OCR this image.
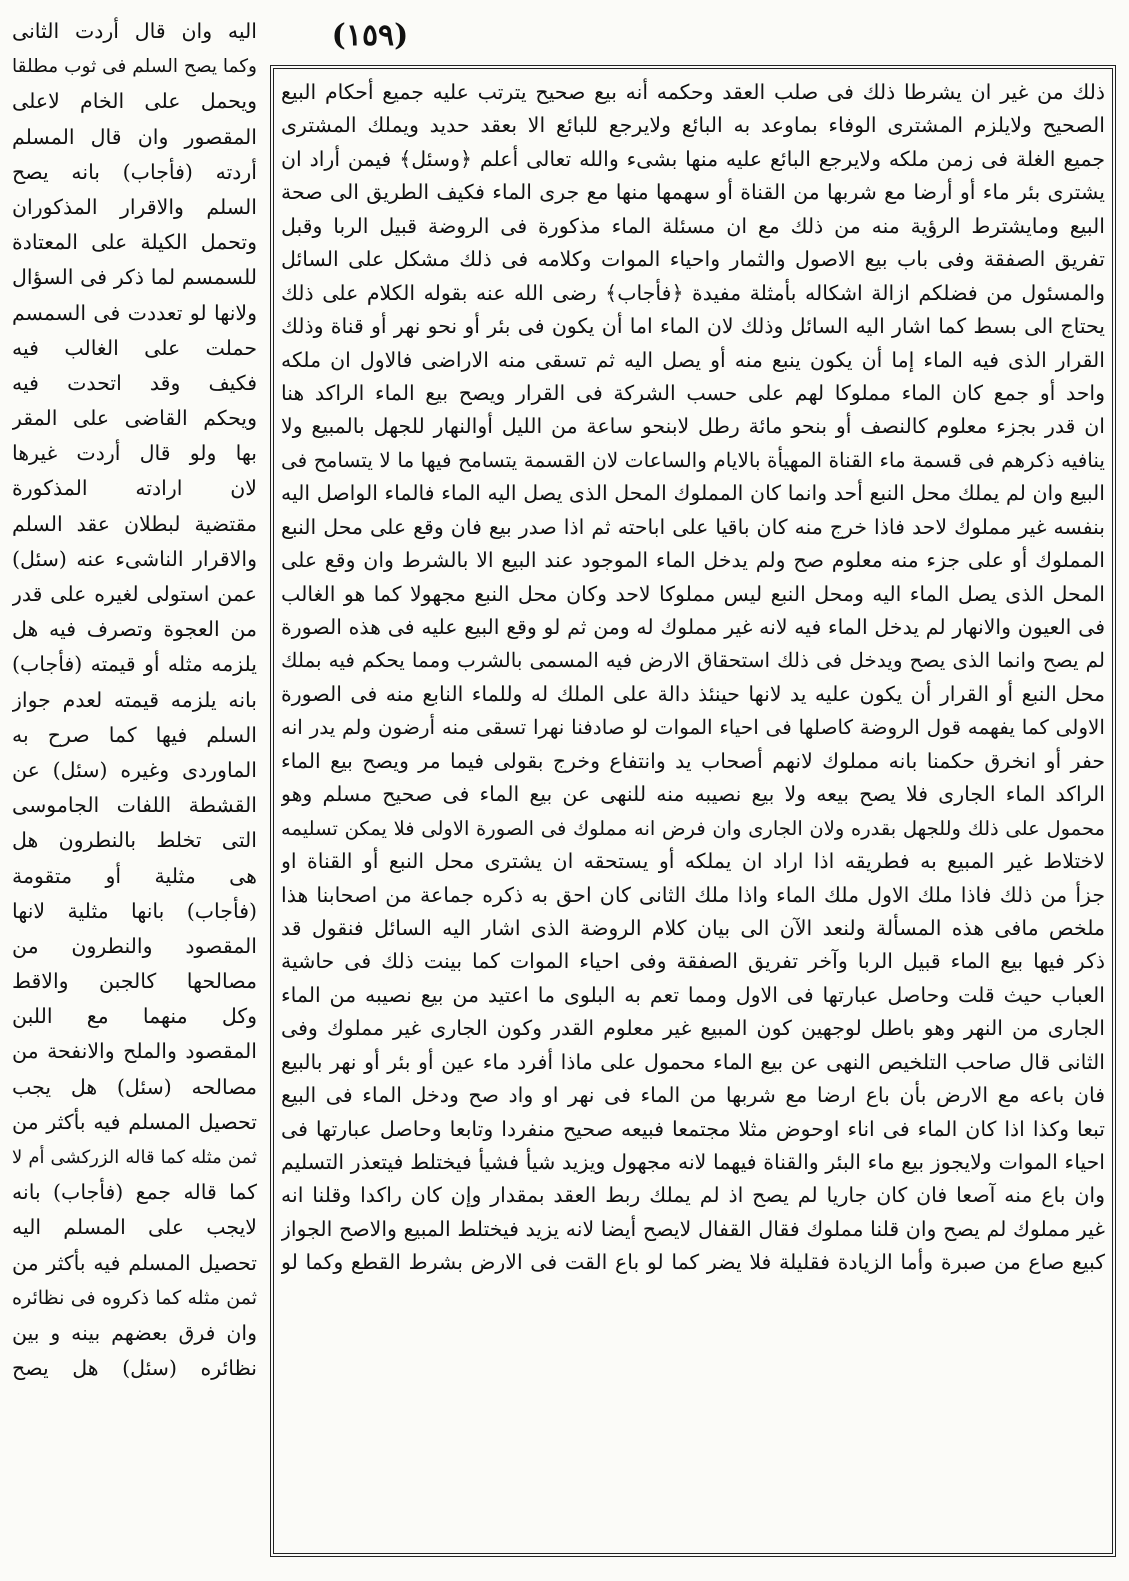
(١٥٩)
ذلك من غير ان يشرطا ذلك فى صلب العقد وحكمه أنه بيع صحيح يترتب عليه جميع أحكام البيع
الصحيح ولايلزم المشترى الوفاء بماوعد به البائع ولايرجع للبائع الا بعقد حديد ويملك المشترى
جميع الغلة فى زمن ملكه ولايرجع البائع عليه منها بشىء والله تعالى أعلم ﴿وسئل﴾ فيمن أراد ان
يشترى بئر ماء أو أرضا مع شربها من القناة أو سهمها منها مع جرى الماء فكيف الطريق الى صحة
البيع ومايشترط الرؤية منه من ذلك مع ان مسئلة الماء مذكورة فى الروضة قبيل الربا وقبل
تفريق الصفقة وفى باب بيع الاصول والثمار واحياء الموات وكلامه فى ذلك مشكل على السائل
والمسئول من فضلكم ازالة اشكاله بأمثلة مفيدة ﴿فأجاب﴾ رضى الله عنه بقوله الكلام على ذلك
يحتاج الى بسط كما اشار اليه السائل وذلك لان الماء اما أن يكون فى بئر أو نحو نهر أو قناة وذلك
القرار الذى فيه الماء إما أن يكون ينبع منه أو يصل اليه ثم تسقى منه الاراضى فالاول ان ملكه
واحد أو جمع كان الماء مملوكا لهم على حسب الشركة فى القرار ويصح بيع الماء الراكد هنا
ان قدر بجزء معلوم كالنصف أو بنحو مائة رطل لابنحو ساعة من الليل أوالنهار للجهل بالمبيع ولا
ينافيه ذكرهم فى قسمة ماء القناة المهيأة بالايام والساعات لان القسمة يتسامح فيها ما لا يتسامح فى
البيع وان لم يملك محل النبع أحد وانما كان المملوك المحل الذى يصل اليه الماء فالماء الواصل اليه
بنفسه غير مملوك لاحد فاذا خرج منه كان باقيا على اباحته ثم اذا صدر بيع فان وقع على محل النبع
المملوك أو على جزء منه معلوم صح ولم يدخل الماء الموجود عند البيع الا بالشرط وان وقع على
المحل الذى يصل الماء اليه ومحل النبع ليس مملوكا لاحد وكان محل النبع مجهولا كما هو الغالب
فى العيون والانهار لم يدخل الماء فيه لانه غير مملوك له ومن ثم لو وقع البيع عليه فى هذه الصورة
لم يصح وانما الذى يصح ويدخل فى ذلك استحقاق الارض فيه المسمى بالشرب ومما يحكم فيه بملك
محل النبع أو القرار أن يكون عليه يد لانها حينئذ دالة على الملك له وللماء النابع منه فى الصورة
الاولى كما يفهمه قول الروضة كاصلها فى احياء الموات لو صادفنا نهرا تسقى منه أرضون ولم يدر انه
حفر أو انخرق حكمنا بانه مملوك لانهم أصحاب يد وانتفاع وخرج بقولى فيما مر ويصح بيع الماء
الراكد الماء الجارى فلا يصح بيعه ولا بيع نصيبه منه للنهى عن بيع الماء فى صحيح مسلم وهو
محمول على ذلك وللجهل بقدره ولان الجارى وان فرض انه مملوك فى الصورة الاولى فلا يمكن تسليمه
لاختلاط غير المبيع به فطريقه اذا اراد ان يملكه أو يستحقه ان يشترى محل النبع أو القناة او
جزأ من ذلك فاذا ملك الاول ملك الماء واذا ملك الثانى كان احق به ذكره جماعة من اصحابنا هذا
ملخص مافى هذه المسألة ولنعد الآن الى بيان كلام الروضة الذى اشار اليه السائل فنقول قد
ذكر فيها بيع الماء قبيل الربا وآخر تفريق الصفقة وفى احياء الموات كما بينت ذلك فى حاشية
العباب حيث قلت وحاصل عبارتها فى الاول ومما تعم به البلوى ما اعتيد من بيع نصيبه من الماء
الجارى من النهر وهو باطل لوجهين كون المبيع غير معلوم القدر وكون الجارى غير مملوك وفى
الثانى قال صاحب التلخيص النهى عن بيع الماء محمول على ماذا أفرد ماء عين أو بئر أو نهر بالبيع
فان باعه مع الارض بأن باع ارضا مع شربها من الماء فى نهر او واد صح ودخل الماء فى البيع
تبعا وكذا اذا كان الماء فى اناء اوحوض مثلا مجتمعا فبيعه صحيح منفردا وتابعا وحاصل عبارتها فى
احياء الموات ولايجوز بيع ماء البئر والقناة فيهما لانه مجهول ويزيد شيأ فشيأ فيختلط فيتعذر التسليم
وان باع منه آصعا فان كان جاريا لم يصح اذ لم يملك ربط العقد بمقدار وإن كان راكدا وقلنا انه
غير مملوك لم يصح وان قلنا مملوك فقال القفال لايصح أيضا لانه يزيد فيختلط المبيع والاصح الجواز
كبيع صاع من صبرة وأما الزيادة فقليلة فلا يضر كما لو باع القت فى الارض بشرط القطع وكما لو
اليه وان قال أردت الثانى
وكما يصح السلم فى ثوب مطلقا
ويحمل على الخام لاعلى
المقصور وان قال المسلم
أردته (فأجاب) بانه يصح
السلم والاقرار المذكوران
وتحمل الكيلة على المعتادة
للسمسم لما ذكر فى السؤال
ولانها لو تعددت فى السمسم
حملت على الغالب فيه
فكيف وقد اتحدت فيه
ويحكم القاضى على المقر
بها ولو قال أردت غيرها
لان ارادته المذكورة
مقتضية لبطلان عقد السلم
والاقرار الناشىء عنه (سئل)
عمن استولى لغيره على قدر
من العجوة وتصرف فيه هل
يلزمه مثله أو قيمته (فأجاب)
بانه يلزمه قيمته لعدم جواز
السلم فيها كما صرح به
الماوردى وغيره (سئل) عن
القشطة اللفات الجاموسى
التى تخلط بالنطرون هل
هى مثلية أو متقومة
(فأجاب) بانها مثلية لانها
المقصود والنطرون من
مصالحها كالجبن والاقط
وكل منهما مع اللبن
المقصود والملح والانفحة من
مصالحه (سئل) هل يجب
تحصيل المسلم فيه بأكثر من
ثمن مثله كما قاله الزركشى أم لا
كما قاله جمع (فأجاب) بانه
لايجب على المسلم اليه
تحصيل المسلم فيه بأكثر من
ثمن مثله كما ذكروه فى نظائره
وان فرق بعضهم بينه و بين
نظائره (سئل) هل يصح
